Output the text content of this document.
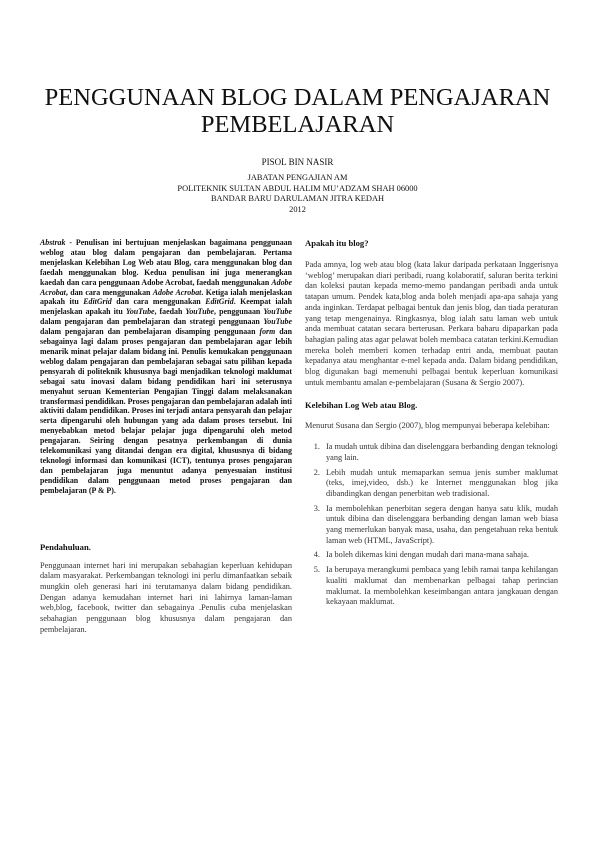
PENGGUNAAN BLOG DALAM PENGAJARAN
PEMBELAJARAN
PISOL BIN NASIR
JABATAN PENGAJIAN AM
POLITEKNIK SULTAN ABDUL HALIM MU’ADZAM SHAH 06000
BANDAR BARU DARULAMAN JITRA KEDAH
2012

Abstrak - Penulisan ini bertujuan menjelaskan bagaimana penggunaan weblog atau blog dalam pengajaran dan pembelajaran. Pertama menjelaskan Kelebihan Log Web atau Blog, cara menggunakan blog dan faedah menggunakan blog. Kedua penulisan ini juga menerangkan kaedah dan cara penggunaan Adobe Acrobat, faedah menggunakan Adobe Acrobat, dan cara menggunakan Adobe Acrobat. Ketiga ialah menjelaskan apakah itu EditGrid dan cara menggunakan EditGrid. Keempat ialah menjelaskan apakah itu YouTube, faedah YouTube, penggunaan YouTube dalam pengajaran dan pembelajaran dan strategi penggunaan YouTube dalam pengajaran dan pembelajaran disamping penggunaan form dan sebagainya lagi dalam proses pengajaran dan pembelajaran agar lebih menarik minat pelajar dalam bidang ini. Penulis kemukakan penggunaan weblog dalam pengajaran dan pembelajaran sebagai satu pilihan kepada pensyarah di politeknik khususnya bagi menjadikan teknologi maklumat sebagai satu inovasi dalam bidang pendidikan hari ini seterusnya menyahut seruan Kementerian Pengajian Tinggi dalam melaksanakan transformasi pendidikan. Proses pengajaran dan pembelajaran adalah inti aktiviti dalam pendidikan. Proses ini terjadi antara pensyarah dan pelajar serta dipengaruhi oleh hubungan yang ada dalam proses tersebut. Ini menyebabkan metod belajar pelajar juga dipengaruhi oleh metod pengajaran. Seiring dengan pesatnya perkembangan di dunia telekomunikasi yang ditandai dengan era digital, khususnya di bidang teknologi informasi dan komunikasi (ICT), tentunya proses pengajaran dan pembelajaran juga menuntut adanya penyesuaian institusi pendidikan dalam penggunaan metod proses pengajaran dan pembelajaran (P & P).

Pendahuluan.

Penggunaan internet hari ini merupakan sebahagian keperluan kehidupan dalam masyarakat. Perkembangan teknologi ini perlu dimanfaatkan sebaik mungkin oleh generasi hari ini terutamanya dalam bidang pendidikan. Dengan adanya kemudahan internet hari ini lahirnya laman-laman web,blog, facebook, twitter dan sebagainya .Penulis cuba menjelaskan sebahagian penggunaan blog khususnya dalam pengajaran dan pembelajaran.

Apakah itu blog?

Pada amnya, log web atau blog (kata lakur daripada perkataan Inggerisnya ‘weblog’ merupakan diari peribadi, ruang kolaboratif, saluran berita terkini dan koleksi pautan kepada memo-memo pandangan peribadi anda untuk tatapan umum. Pendek kata,blog anda boleh menjadi apa-apa sahaja yang anda inginkan. Terdapat pelbagai bentuk dan jenis blog, dan tiada peraturan yang tetap mengenainya. Ringkasnya, blog ialah satu laman web untuk anda membuat catatan secara berterusan. Perkara baharu dipaparkan pada bahagian paling atas agar pelawat boleh membaca catatan terkini.Kemudian mereka boleh memberi komen terhadap entri anda, membuat pautan kepadanya atau menghantar e-mel kepada anda. Dalam bidang pendidikan, blog digunakan bagi memenuhi pelbagai bentuk keperluan komunikasi untuk membantu amalan e-pembelajaran (Susana & Sergio 2007).

Kelebihan Log Web atau Blog.

Menurut Susana dan Sergio (2007), blog mempunyai beberapa kelebihan:

1. Ia mudah untuk dibina dan diselenggara berbanding dengan teknologi yang lain.
2. Lebih mudah untuk memaparkan semua jenis sumber maklumat (teks, imej,video, dsb.) ke Internet menggunakan blog jika dibandingkan dengan penerbitan web tradisional.
3. Ia membolehkan penerbitan segera dengan hanya satu klik, mudah untuk dibina dan diselenggara berbanding dengan laman web biasa yang memerlukan banyak masa, usaha, dan pengetahuan reka bentuk laman web (HTML, JavaScript).
4. Ia boleh dikemas kini dengan mudah dari mana-mana sahaja.
5. Ia berupaya merangkumi pembaca yang lebih ramai tanpa kehilangan kualiti maklumat dan membenarkan pelbagai tahap perincian maklumat. Ia membolehkan keseimbangan antara jangkauan dengan kekayaan maklumat.
